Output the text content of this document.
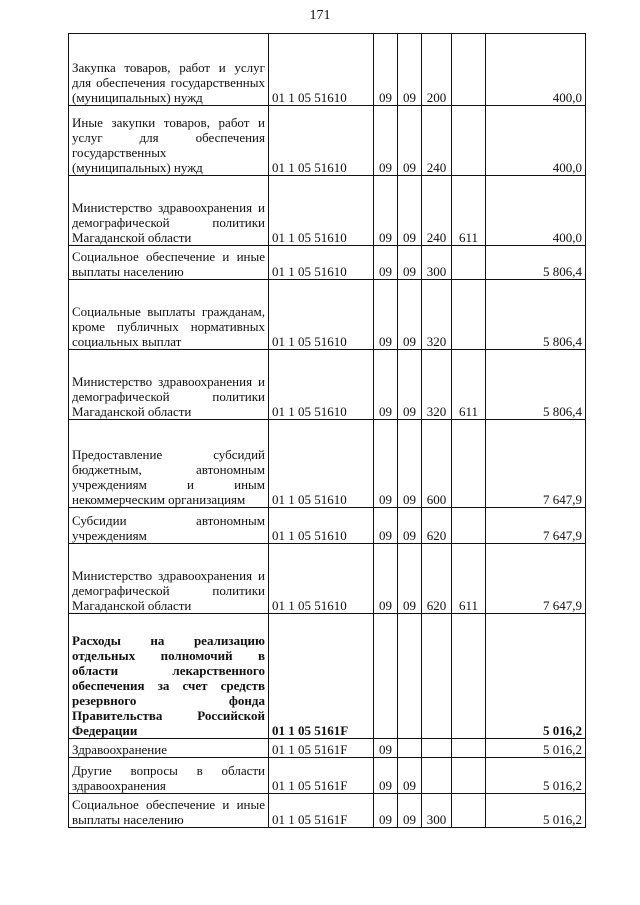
171
Закупка товаров, работ и услуг для обеспечения государственных (муниципальных) нужд	01 1 05 51610	09	09	200		400,0
Иные закупки товаров, работ и услуг для обеспечения государственных (муниципальных) нужд	01 1 05 51610	09	09	240		400,0
Министерство здравоохранения и демографической политики Магаданской области	01 1 05 51610	09	09	240	611	400,0
Социальное обеспечение и иные выплаты населению	01 1 05 51610	09	09	300		5 806,4
Социальные выплаты гражданам, кроме публичных нормативных социальных выплат	01 1 05 51610	09	09	320		5 806,4
Министерство здравоохранения и демографической политики Магаданской области	01 1 05 51610	09	09	320	611	5 806,4
Предоставление субсидий бюджетным, автономным учреждениям и иным некоммерческим организациям	01 1 05 51610	09	09	600		7 647,9
Субсидии автономным учреждениям	01 1 05 51610	09	09	620		7 647,9
Министерство здравоохранения и демографической политики Магаданской области	01 1 05 51610	09	09	620	611	7 647,9
Расходы на реализацию отдельных полномочий в области лекарственного обеспечения за счет средств резервного фонда Правительства Российской Федерации	01 1 05 5161F					5 016,2
Здравоохранение	01 1 05 5161F	09				5 016,2
Другие вопросы в области здравоохранения	01 1 05 5161F	09	09			5 016,2
Социальное обеспечение и иные выплаты населению	01 1 05 5161F	09	09	300		5 016,2
